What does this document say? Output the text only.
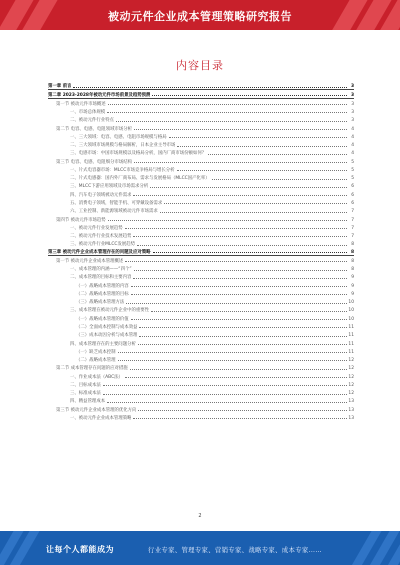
被动元件企业成本管理策略研究报告
内容目录
第一章 前言	3
第二章 2023-2028年被动元件市场前景及趋势预测	3
第一节 被动元件市场概述	3
一、市场总体规模	3
二、被动元件行业特点	3
第二节 电容、电感、电阻领域市场分析	4
一、三大领域：电容、电感、电阻市场规模与格局	4
二、三大领域市场规模与格局解析，日本企业主导市场	4
三、电感市场：中国市场规模以及格局分析，国内厂商市场份额如何？	4
第三节 电容、电感、电阻细分市场结构	5
一、片式电容器市场：MLCC市场竞争格局与增长分析	5
二、片式电感器：国内外厂商布局、需求与发展格局（MLCC国产化率）	5
三、MLCC下游应用领域及市场需求分析	6
四、汽车电子领域被动元件需求	6
五、消费电子领域，智能手机、可穿戴设备需求	6
六、工业控制、新能源领域被动元件市场需求	7
第四节 被动元件市场趋势	7
一、被动元件行业发展趋势	7
二、被动元件行业技术发展趋势	7
三、被动元件行业MLCC发展趋势	8
第三章 被动元件企业成本管理存在的问题及应对策略	8
第一节 被动元件企业成本管理概述	8
一、成本管理的内涵——“四个”	8
二、成本管理的目标和主要内容	9
（一）战略成本管理的内容	9
（二）战略成本管理的目标	9
（三）战略成本管理方法	10
三、成本管理在被动元件企业中的重要性	10
（一）战略成本管理的价值	10
（二）全面成本控制与成本效益	11
（三）成本动因分析与成本管理	11
四、成本管理存在的主要问题分析	11
（一）缺乏成本控制	11
（二）战略成本管理	12
第二节 成本管理存在问题的应对措施	12
一、作业成本法（ABC法）	12
二、目标成本法	12
三、标准成本法	12
四、精益管理成本	13
第三节 被动元件企业成本管理的优化方向	13
一、被动元件企业成本管理策略	13
2
让每个人都能成为	行业专家、管理专家、营销专家、战略专家、成本专家……
